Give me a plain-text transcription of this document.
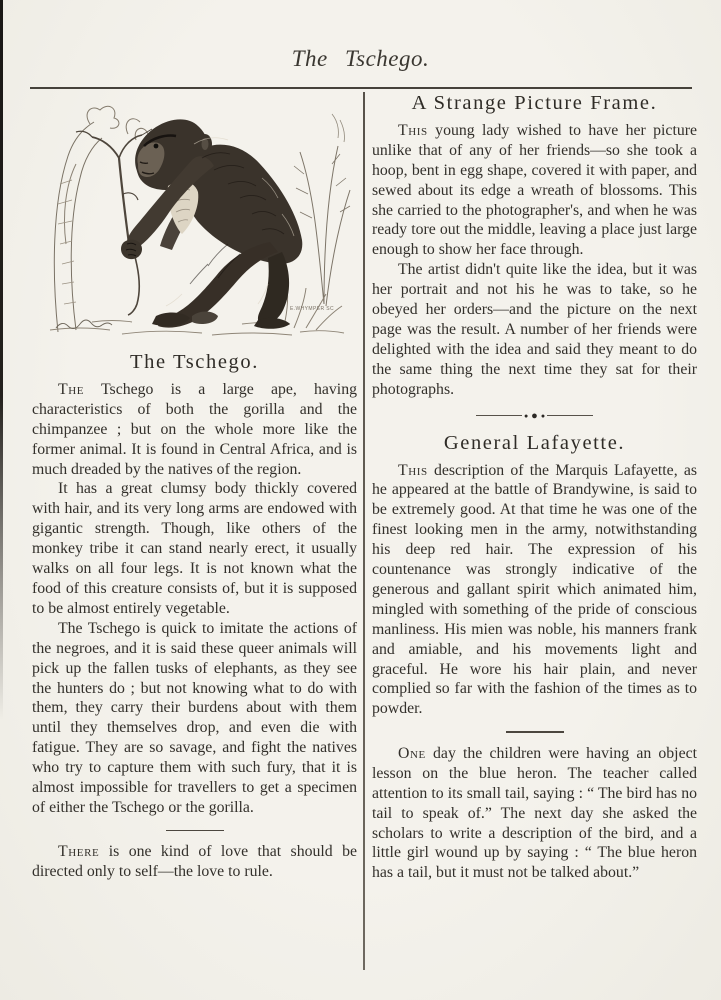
The Tschego.
E.WHYMPER SC
The Tschego.

The Tschego is a large ape, having characteristics of both the gorilla and the chimpanzee ; but on the whole more like the former animal. It is found in Central Africa, and is much dreaded by the natives of the region.

It has a great clumsy body thickly covered with hair, and its very long arms are endowed with gigantic strength. Though, like others of the monkey tribe it can stand nearly erect, it usually walks on all four legs. It is not known what the food of this creature consists of, but it is supposed to be almost entirely vegetable.

The Tschego is quick to imitate the actions of the negroes, and it is said these queer animals will pick up the fallen tusks of elephants, as they see the hunters do ; but not knowing what to do with them, they carry their burdens about with them until they themselves drop, and even die with fatigue. They are so savage, and fight the natives who try to capture them with such fury, that it is almost impossible for travellers to get a specimen of either the Tschego or the gorilla.

There is one kind of love that should be directed only to self—the love to rule.

A Strange Picture Frame.

This young lady wished to have her picture unlike that of any of her friends—so she took a hoop, bent in egg shape, covered it with paper, and sewed about its edge a wreath of blossoms. This she carried to the photographer's, and when he was ready tore out the middle, leaving a place just large enough to show her face through.

The artist didn't quite like the idea, but it was her portrait and not his he was to take, so he obeyed her orders—and the picture on the next page was the result. A number of her friends were delighted with the idea and said they meant to do the same thing the next time they sat for their photographs.

● ● ●
General Lafayette.

This description of the Marquis Lafayette, as he appeared at the battle of Brandywine, is said to be extremely good. At that time he was one of the finest looking men in the army, notwithstanding his deep red hair. The expression of his countenance was strongly indicative of the generous and gallant spirit which animated him, mingled with something of the pride of conscious manliness. His mien was noble, his manners frank and amiable, and his movements light and graceful. He wore his hair plain, and never complied so far with the fashion of the times as to powder.

One day the children were having an object lesson on the blue heron. The teacher called attention to its small tail, saying : “ The bird has no tail to speak of.” The next day she asked the scholars to write a description of the bird, and a little girl wound up by saying : “ The blue heron has a tail, but it must not be talked about.”
